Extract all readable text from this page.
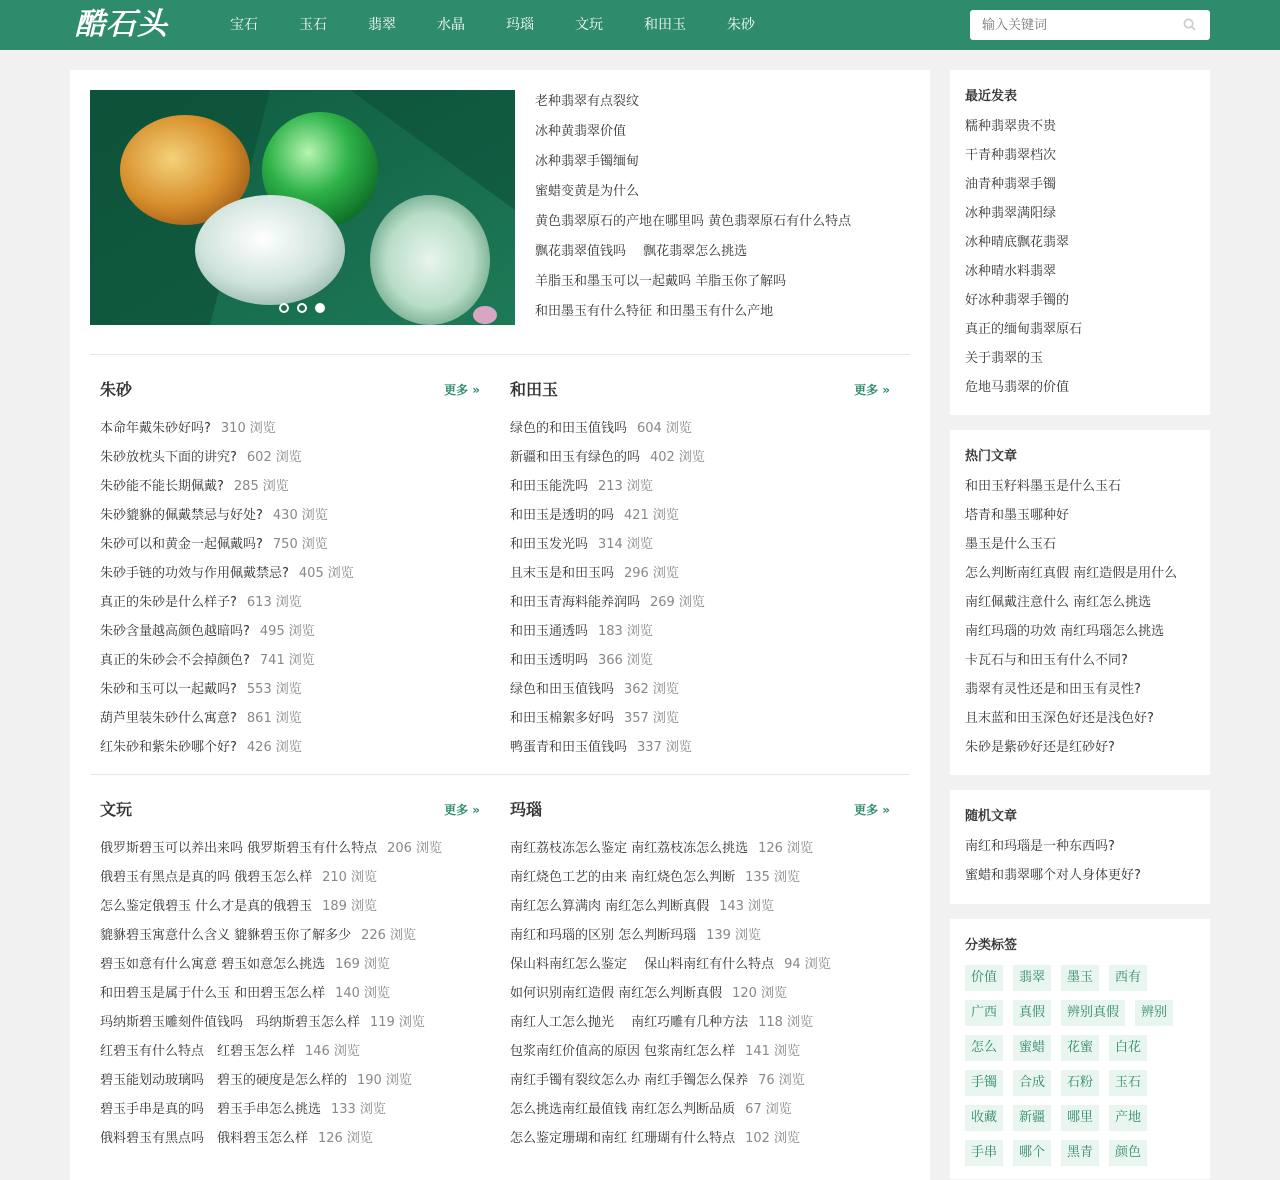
酷石头	宝石	玉石	翡翠	水晶	玛瑙	文玩	和田玉	朱砂
输入关键词
老种翡翠有点裂纹
冰种黄翡翠价值
冰种翡翠手镯缅甸
蜜蜡变黄是为什么
黄色翡翠原石的产地在哪里吗 黄色翡翠原石有什么特点
飘花翡翠值钱吗　 飘花翡翠怎么挑选
羊脂玉和墨玉可以一起戴吗 羊脂玉你了解吗
和田墨玉有什么特征 和田墨玉有什么产地
朱砂	更多 »
本命年戴朱砂好吗? 310 浏览
朱砂放枕头下面的讲究? 602 浏览
朱砂能不能长期佩戴? 285 浏览
朱砂貔貅的佩戴禁忌与好处? 430 浏览
朱砂可以和黄金一起佩戴吗? 750 浏览
朱砂手链的功效与作用佩戴禁忌? 405 浏览
真正的朱砂是什么样子? 613 浏览
朱砂含量越高颜色越暗吗? 495 浏览
真正的朱砂会不会掉颜色? 741 浏览
朱砂和玉可以一起戴吗? 553 浏览
葫芦里装朱砂什么寓意? 861 浏览
红朱砂和紫朱砂哪个好? 426 浏览
和田玉	更多 »
绿色的和田玉值钱吗 604 浏览
新疆和田玉有绿色的吗 402 浏览
和田玉能洗吗 213 浏览
和田玉是透明的吗 421 浏览
和田玉发光吗 314 浏览
且末玉是和田玉吗 296 浏览
和田玉青海料能养润吗 269 浏览
和田玉通透吗 183 浏览
和田玉透明吗 366 浏览
绿色和田玉值钱吗 362 浏览
和田玉棉絮多好吗 357 浏览
鸭蛋青和田玉值钱吗 337 浏览
文玩	更多 »
俄罗斯碧玉可以养出来吗 俄罗斯碧玉有什么特点 206 浏览
俄碧玉有黑点是真的吗 俄碧玉怎么样 210 浏览
怎么鉴定俄碧玉 什么才是真的俄碧玉 189 浏览
貔貅碧玉寓意什么含义 貔貅碧玉你了解多少 226 浏览
碧玉如意有什么寓意 碧玉如意怎么挑选 169 浏览
和田碧玉是属于什么玉 和田碧玉怎么样 140 浏览
玛纳斯碧玉雕刻件值钱吗　玛纳斯碧玉怎么样 119 浏览
红碧玉有什么特点　红碧玉怎么样 146 浏览
碧玉能划动玻璃吗　碧玉的硬度是怎么样的 190 浏览
碧玉手串是真的吗　碧玉手串怎么挑选 133 浏览
俄料碧玉有黑点吗　俄料碧玉怎么样 126 浏览
玛瑙	更多 »
南红荔枝冻怎么鉴定 南红荔枝冻怎么挑选 126 浏览
南红烧色工艺的由来 南红烧色怎么判断 135 浏览
南红怎么算满肉 南红怎么判断真假 143 浏览
南红和玛瑙的区别 怎么判断玛瑙 139 浏览
保山料南红怎么鉴定　 保山料南红有什么特点 94 浏览
如何识别南红造假 南红怎么判断真假 120 浏览
南红人工怎么抛光　 南红巧雕有几种方法 118 浏览
包浆南红价值高的原因 包浆南红怎么样 141 浏览
南红手镯有裂纹怎么办 南红手镯怎么保养 76 浏览
怎么挑选南红最值钱 南红怎么判断品质 67 浏览
怎么鉴定珊瑚和南红 红珊瑚有什么特点 102 浏览
最近发表
糯种翡翠贵不贵
干青种翡翠档次
油青种翡翠手镯
冰种翡翠满阳绿
冰种晴底飘花翡翠
冰种晴水料翡翠
好冰种翡翠手镯的
真正的缅甸翡翠原石
关于翡翠的玉
危地马翡翠的价值
热门文章
和田玉籽料墨玉是什么玉石
塔青和墨玉哪种好
墨玉是什么玉石
怎么判断南红真假 南红造假是用什么
南红佩戴注意什么 南红怎么挑选
南红玛瑙的功效 南红玛瑙怎么挑选
卡瓦石与和田玉有什么不同?
翡翠有灵性还是和田玉有灵性?
且末蓝和田玉深色好还是浅色好?
朱砂是紫砂好还是红砂好?
随机文章
南红和玛瑙是一种东西吗?
蜜蜡和翡翠哪个对人身体更好?
分类标签
价值	翡翠	墨玉	西有
广西	真假	辨别真假	辨别
怎么	蜜蜡	花蜜	白花
手镯	合成	石粉	玉石
收藏	新疆	哪里	产地
手串	哪个	黑青	颜色
